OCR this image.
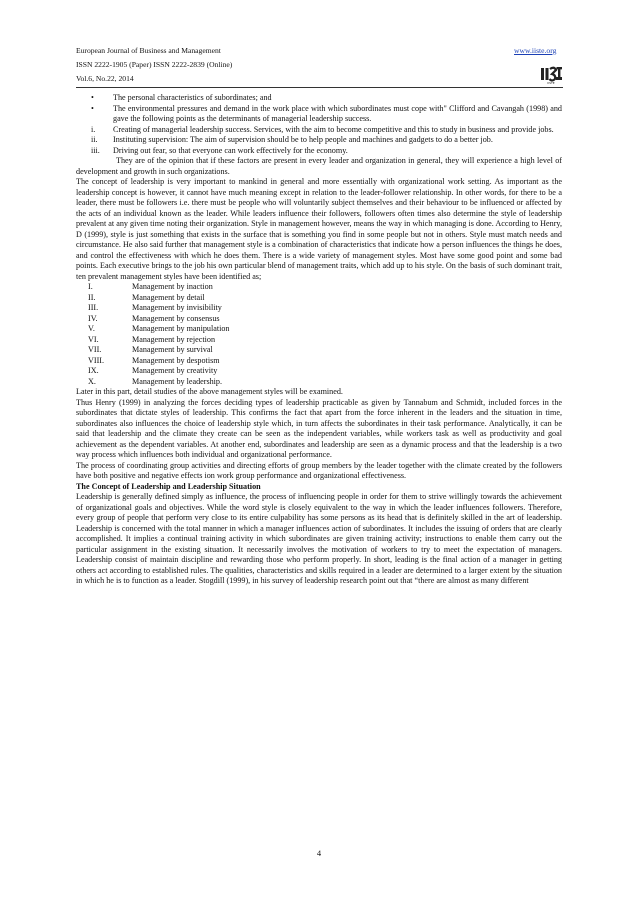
European Journal of Business and Management
ISSN 2222-1905 (Paper) ISSN 2222-2839 (Online)
Vol.6, No.22, 2014
www.iiste.org
IISTE

• The personal characteristics of subordinates; and

• The environmental pressures and demand in the work place with which subordinates must cope with" Clifford and Cavangah (1998) and gave the following points as the determinants of managerial leadership success.

i.	Creating of managerial leadership success. Services, with the aim to become competitive and this to study in business and provide jobs.

ii.	Instituting supervision: The aim of supervision should be to help people and machines and gadgets to do a better job.

iii.	Driving out fear, so that everyone can work effectively for the economy.

They are of the opinion that if these factors are present in every leader and organization in general, they will experience a high level of development and growth in such organizations.

The concept of leadership is very important to mankind in general and more essentially with organizational work setting. As important as the leadership concept is however, it cannot have much meaning except in relation to the leader-follower relationship. In other words, for there to be a leader, there must be followers i.e. there must be people who will voluntarily subject themselves and their behaviour to be influenced or affected by the acts of an individual known as the leader. While leaders influence their followers, followers often times also determine the style of leadership prevalent at any given time noting their organization. Style in management however, means the way in which managing is done. According to Henry, D (1999), style is just something that exists in the surface that is something you find in some people but not in others. Style must match needs and circumstance. He also said further that management style is a combination of characteristics that indicate how a person influences the things he does, and control the effectiveness with which he does them. There is a wide variety of management styles. Most have some good point and some bad points. Each executive brings to the job his own particular blend of management traits, which add up to his style. On the basis of such dominant trait, ten prevalent management styles have been identified as;

I.	Management by inaction

II.	Management by detail

III.	Management by invisibility

IV.	Management by consensus

V.	Management by manipulation

VI.	Management by rejection

VII.	Management by survival

VIII.	Management by despotism

IX.	Management by creativity

X.	Management by leadership.

Later in this part, detail studies of the above management styles will be examined.

Thus Henry (1999) in analyzing the forces deciding types of leadership practicable as given by Tannabum and Schmidt, included forces in the subordinates that dictate styles of leadership. This confirms the fact that apart from the force inherent in the leaders and the situation in time, subordinates also influences the choice of leadership style which, in turn affects the subordinates in their task performance. Analytically, it can be said that leadership and the climate they create can be seen as the independent variables, while workers task as well as productivity and goal achievement as the dependent variables. At another end, subordinates and leadership are seen as a dynamic process and that the leadership is a two way process which influences both individual and organizational performance.

The process of coordinating group activities and directing efforts of group members by the leader together with the climate created by the followers have both positive and negative effects ion work group performance and organizational effectiveness.

The Concept of Leadership and Leadership Situation

Leadership is generally defined simply as influence, the process of influencing people in order for them to strive willingly towards the achievement of organizational goals and objectives. While the word style is closely equivalent to the way in which the leader influences followers. Therefore, every group of people that perform very close to its entire culpability has some persons as its head that is definitely skilled in the art of leadership. Leadership is concerned with the total manner in which a manager influences action of subordinates. It includes the issuing of orders that are clearly accomplished. It implies a continual training activity in which subordinates are given training activity; instructions to enable them carry out the particular assignment in the existing situation. It necessarily involves the motivation of workers to try to meet the expectation of managers. Leadership consist of maintain discipline and rewarding those who perform properly. In short, leading is the final action of a manager in getting others act according to established rules. The qualities, characteristics and skills required in a leader are determined to a larger extent by the situation in which he is to function as a leader. Stogdill (1999), in his survey of leadership research point out that “there are almost as many different

4
